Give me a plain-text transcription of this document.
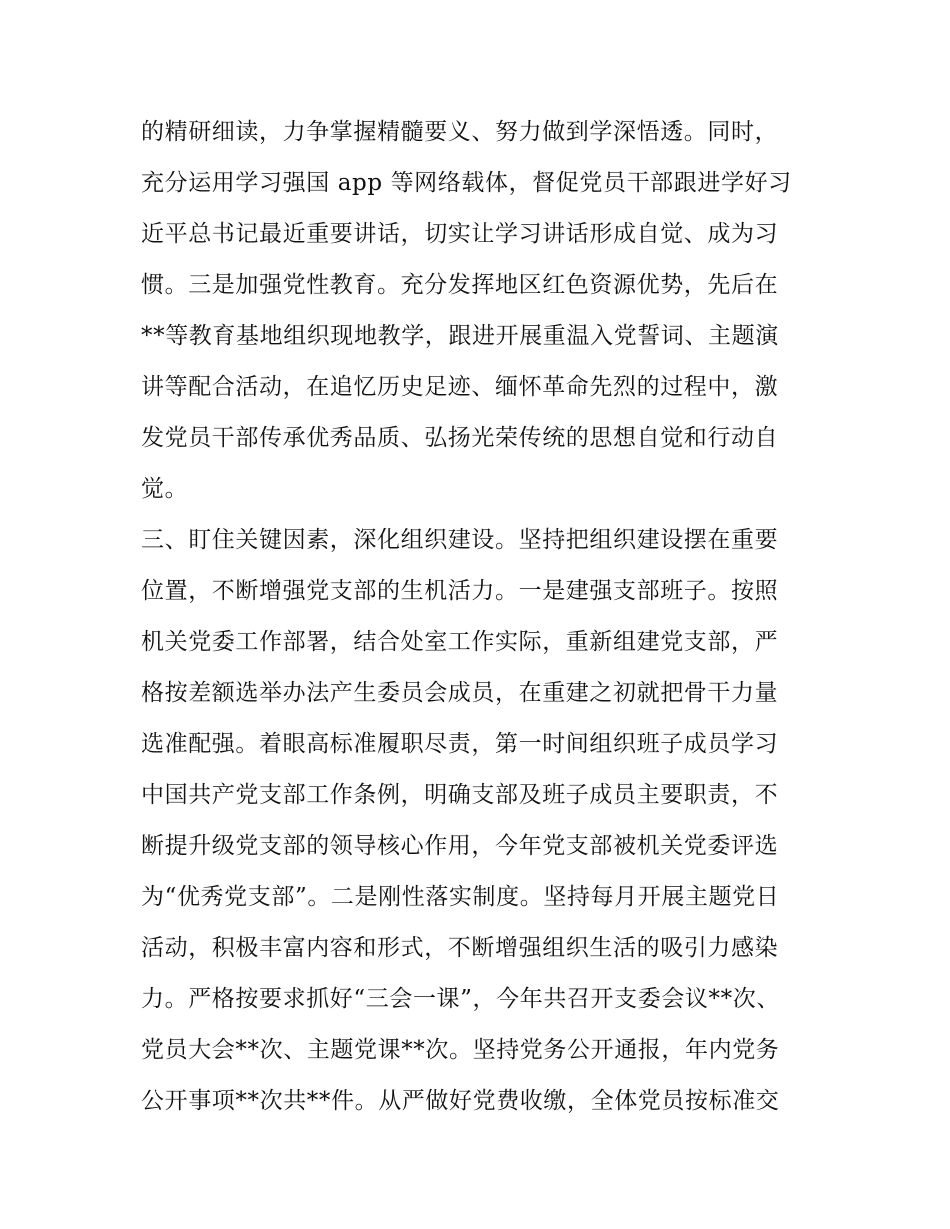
的精研细读，力争掌握精髓要义、努力做到学深悟透。同时，
充分运用学习强国 app 等网络载体，督促党员干部跟进学好习
近平总书记最近重要讲话，切实让学习讲话形成自觉、成为习
惯。三是加强党性教育。充分发挥地区红色资源优势，先后在
**等教育基地组织现地教学，跟进开展重温入党誓词、主题演
讲等配合活动，在追忆历史足迹、缅怀革命先烈的过程中，激
发党员干部传承优秀品质、弘扬光荣传统的思想自觉和行动自
觉。
三、盯住关键因素，深化组织建设。坚持把组织建设摆在重要
位置，不断增强党支部的生机活力。一是建强支部班子。按照
机关党委工作部署，结合处室工作实际，重新组建党支部，严
格按差额选举办法产生委员会成员，在重建之初就把骨干力量
选准配强。着眼高标准履职尽责，第一时间组织班子成员学习
中国共产党支部工作条例，明确支部及班子成员主要职责，不
断提升级党支部的领导核心作用，今年党支部被机关党委评选
为“优秀党支部”。二是刚性落实制度。坚持每月开展主题党日
活动，积极丰富内容和形式，不断增强组织生活的吸引力感染
力。严格按要求抓好“三会一课”，今年共召开支委会议**次、
党员大会**次、主题党课**次。坚持党务公开通报，年内党务
公开事项**次共**件。从严做好党费收缴，全体党员按标准交
